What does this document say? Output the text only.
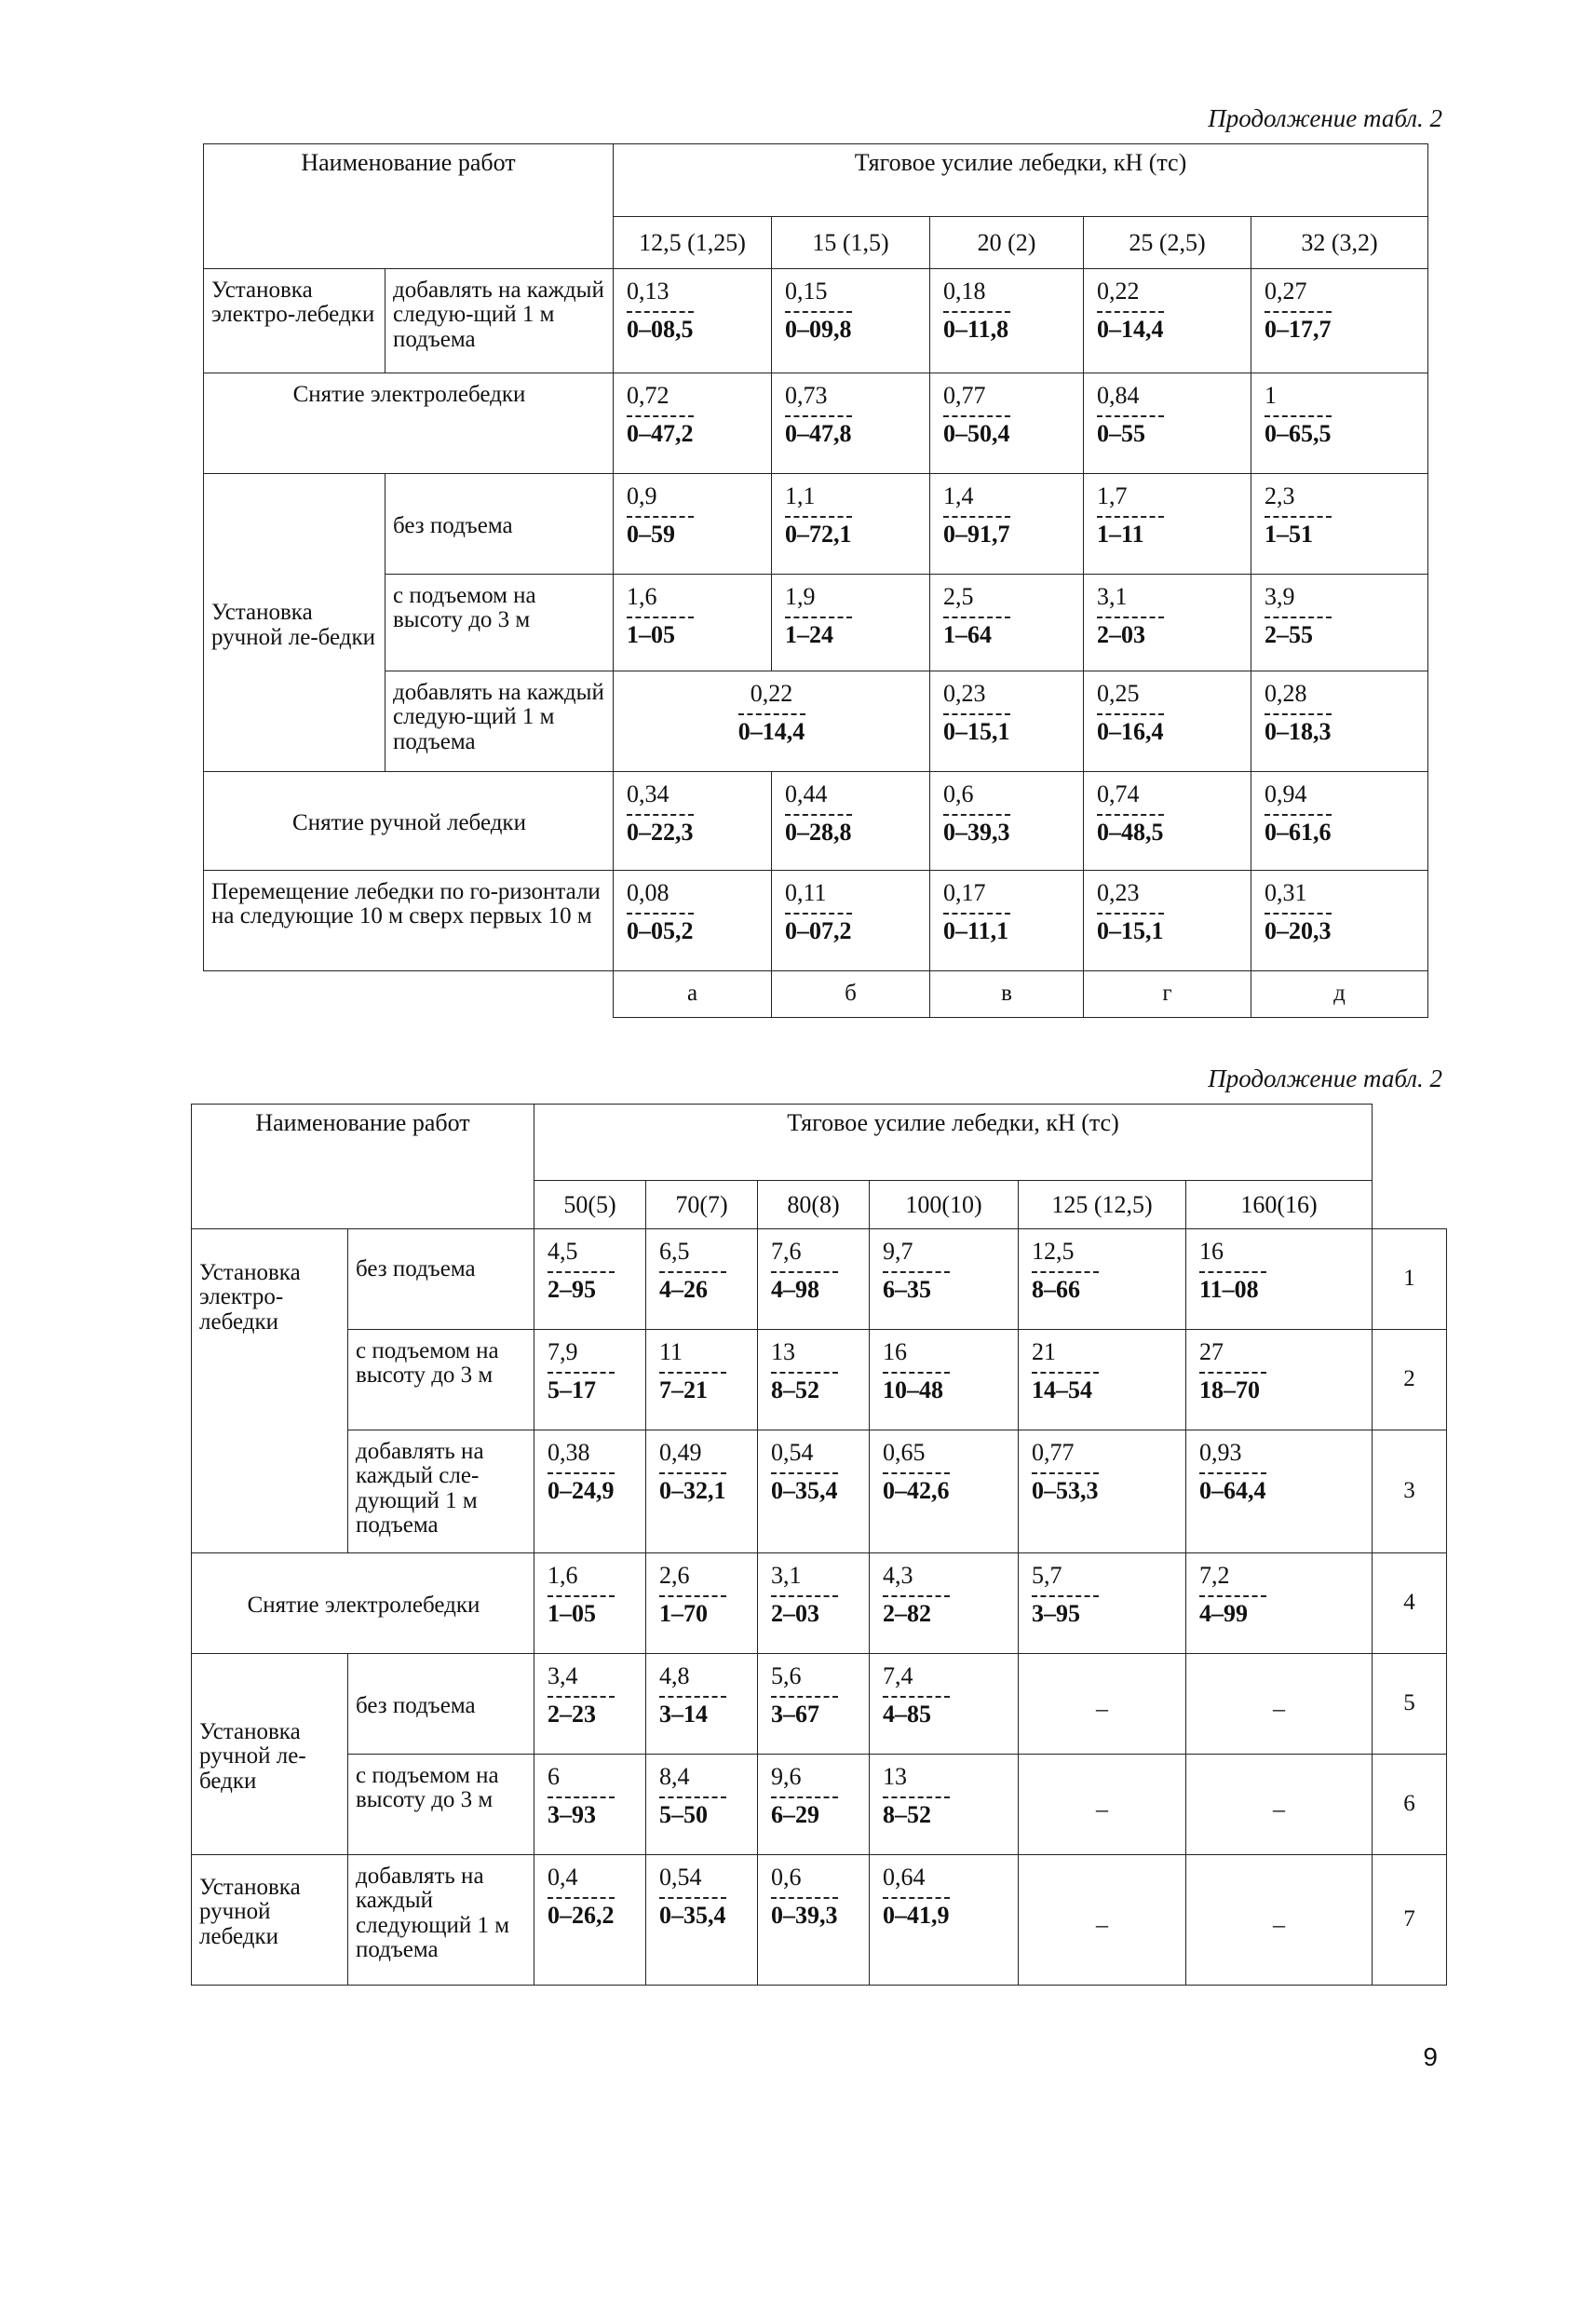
Продолжение табл. 2
Наименование работ		Тяговое усилие лебедки, кН (тс)				
		12,5 (1,25)	15 (1,5)	20 (2)	25 (2,5)	32 (3,2)
Установка электро-лебедки	добавлять на каждый следую-щий 1 м подъема	$\frac{0,13}{0-08,5}$	$\frac{0,15}{0-09,8}$	$\frac{0,18}{0-11,8}$	$\frac{0,22}{0-14,4}$	$\frac{0,27}{0-17,7}$

Снятие электролебедки		$\frac{0,72}{0-47,2}$	$\frac{0,73}{0-47,8}$	$\frac{0,77}{0-50,4}$	$\frac{0,84}{0-55}$	$\frac{1}{0-65,5}$

Установка ручной ле-бедки	без подъема	$\frac{0,9}{0-59}$	$\frac{1,1}{0-72,1}$	$\frac{1,4}{0-91,7}$	$\frac{1,7}{1-11}$	$\frac{2,3}{1-51}$

	с подъемом на высоту до 3 м	$\frac{1,6}{1-05}$	$\frac{1,9}{1-24}$	$\frac{2,5}{1-64}$	$\frac{3,1}{2-03}$	$\frac{3,9}{2-55}$

	добавлять на каждый следую-щий 1 м подъема	$\frac{0,22}{0-14,4}$		$\frac{0,23}{0-15,1}$	$\frac{0,25}{0-16,4}$	$\frac{0,28}{0-18,3}$

Снятие ручной лебедки		$\frac{0,34}{0-22,3}$	$\frac{0,44}{0-28,8}$	$\frac{0,6}{0-39,3}$	$\frac{0,74}{0-48,5}$	$\frac{0,94}{0-61,6}$

Перемещение лебедки по го-ризонтали на следующие 10 м сверх первых 10 м		$\frac{0,08}{0-05,2}$	$\frac{0,11}{0-07,2}$	$\frac{0,17}{0-11,1}$	$\frac{0,23}{0-15,1}$	$\frac{0,31}{0-20,3}$

		а	б	в	г	д
Продолжение табл. 2
Наименование работ		Тяговое усилие лебедки, кН (тс)						
		50(5)	70(7)	80(8)	100(10)	125 (12,5)	160(16)	
Установка электро-лебедки	без подъема	$\frac{4,5}{2-95}$	$\frac{6,5}{4-26}$	$\frac{7,6}{4-98}$	$\frac{9,7}{6-35}$	$\frac{12,5}{8-66}$	$\frac{16}{11-08}$	1
	с подъемом на высоту до 3 м	$\frac{7,9}{5-17}$	$\frac{11}{7-21}$	$\frac{13}{8-52}$	$\frac{16}{10-48}$	$\frac{21}{14-54}$	$\frac{27}{18-70}$	2
	добавлять на каждый сле-дующий 1 м подъема	$\frac{0,38}{0-24,9}$	$\frac{0,49}{0-32,1}$	$\frac{0,54}{0-35,4}$	$\frac{0,65}{0-42,6}$	$\frac{0,77}{0-53,3}$	$\frac{0,93}{0-64,4}$	3
Снятие электролебедки		$\frac{1,6}{1-05}$	$\frac{2,6}{1-70}$	$\frac{3,1}{2-03}$	$\frac{4,3}{2-82}$	$\frac{5,7}{3-95}$	$\frac{7,2}{4-99}$	4
Установка ручной ле-бедки	без подъема	$\frac{3,4}{2-23}$	$\frac{4,8}{3-14}$	$\frac{5,6}{3-67}$	$\frac{7,4}{4-85}$	–	–	5
	с подъемом на высоту до 3 м	$\frac{6}{3-93}$	$\frac{8,4}{5-50}$	$\frac{9,6}{6-29}$	$\frac{13}{8-52}$	–	–	6
Установка ручной лебедки	добавлять на каждый следующий 1 м подъема	$\frac{0,4}{0-26,2}$	$\frac{0,54}{0-35,4}$	$\frac{0,6}{0-39,3}$	$\frac{0,64}{0-41,9}$	–	–	7
9
